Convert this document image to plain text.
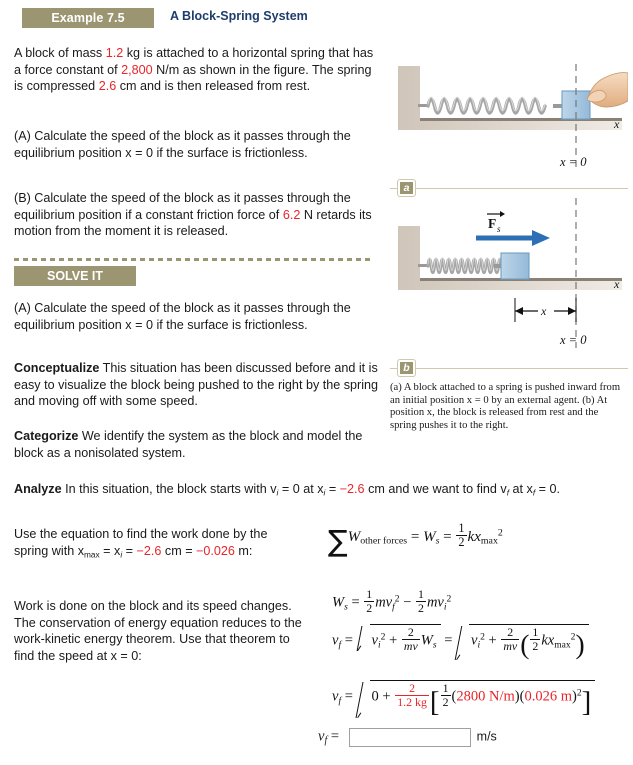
Example 7.5	A Block-Spring System
A block of mass 1.2 kg is attached to a horizontal spring that has a force constant of 2,800 N/m as shown in the figure. The spring is compressed 2.6 cm and is then released from rest.
(A) Calculate the speed of the block as it passes through the equilibrium position x = 0 if the surface is frictionless.
(B) Calculate the speed of the block as it passes through the equilibrium position if a constant friction force of 6.2 N retards its motion from the moment it is released.
SOLVE IT
(A) Calculate the speed of the block as it passes through the equilibrium position x = 0 if the surface is frictionless.
Conceptualize This situation has been discussed before and it is easy to visualize the block being pushed to the right by the spring and moving off with some speed.
Categorize We identify the system as the block and model the block as a nonisolated system.
Analyze In this situation, the block starts with vi = 0 at xi = −2.6 cm and we want to find vf at xf = 0.
Use the equation to find the work done by the spring with $x_{max}$ = xi = −2.6 cm = −0.026 m:
Work is done on the block and its speed changes. The conservation of energy equation reduces to the work-kinetic energy theorem. Use that theorem to find the speed at x = 0:
x
x = 0
a
F s
x
x
x = 0
b
(a) A block attached to a spring is pushed inward from an initial position x = 0 by an external agent. (b) At position x, the block is released from rest and the spring pushes it to the right.
$\sum W_{other forces} = Ws = \frac{1}{2} kx_{max}^2$
$Ws = \frac{1}{2} mvf^2 - \frac{1}{2} mvi^2$
vf = $vi^2 + \frac{2}{mv}$ $Ws = vi^2 + \frac{2}{mv}$ ( $\frac{1}{2} kx_{max}^2$)
vf = $0 + \frac{2}{1.2 kg}$ [ $\frac{1}{2} (2800$ N/m)(0.026 m)$^2$]
$v_f$ =	m/s
